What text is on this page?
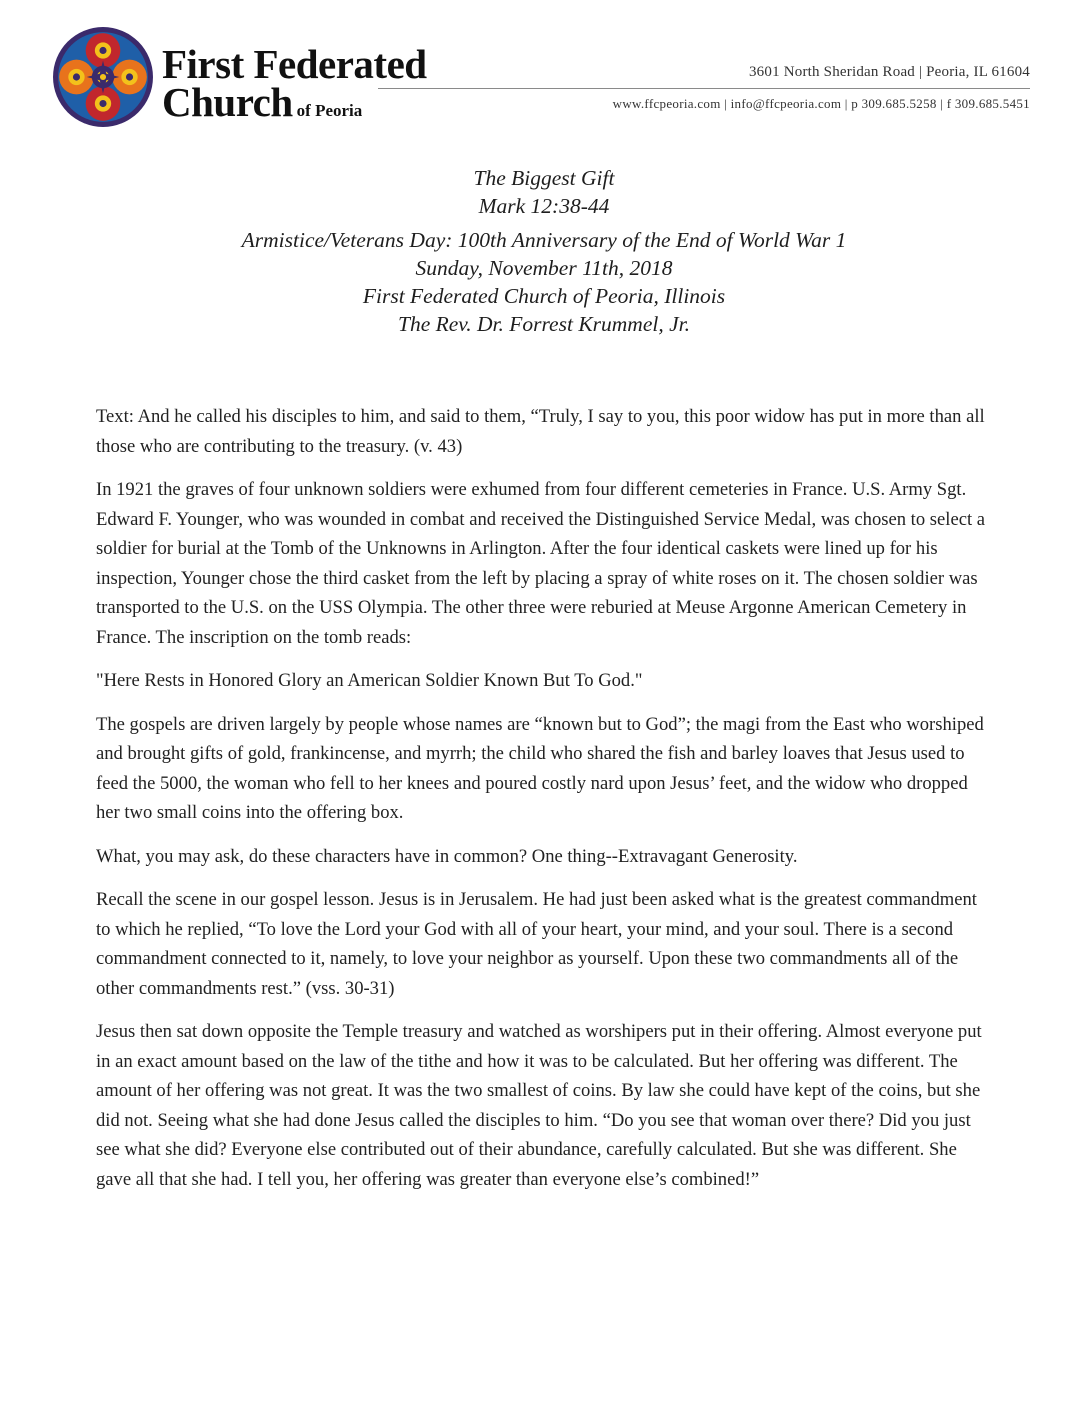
First Federated
Church of Peoria
3601 North Sheridan Road | Peoria, IL 61604
www.ffcpeoria.com | info@ffcpeoria.com | p 309.685.5258 | f 309.685.5451
The Biggest Gift
Mark 12:38-44
Armistice/Veterans Day: 100th Anniversary of the End of World War 1
Sunday, November 11th, 2018
First Federated Church of Peoria, Illinois
The Rev. Dr. Forrest Krummel, Jr.

Text: And he called his disciples to him, and said to them, “Truly, I say to you, this poor widow has put in more than all those who are contributing to the treasury. (v. 43)

In 1921 the graves of four unknown soldiers were exhumed from four different cemeteries in France. U.S. Army Sgt. Edward F. Younger, who was wounded in combat and received the Distinguished Service Medal, was chosen to select a soldier for burial at the Tomb of the Unknowns in Arlington. After the four identical caskets were lined up for his inspection, Younger chose the third casket from the left by placing a spray of white roses on it. The chosen soldier was transported to the U.S. on the USS Olympia. The other three were reburied at Meuse Argonne American Cemetery in France. The inscription on the tomb reads:

"Here Rests in Honored Glory an American Soldier Known But To God."

The gospels are driven largely by people whose names are “known but to God”; the magi from the East who worshiped and brought gifts of gold, frankincense, and myrrh; the child who shared the fish and barley loaves that Jesus used to feed the 5000, the woman who fell to her knees and poured costly nard upon Jesus’ feet, and the widow who dropped her two small coins into the offering box.

What, you may ask, do these characters have in common? One thing--Extravagant Generosity.

Recall the scene in our gospel lesson. Jesus is in Jerusalem. He had just been asked what is the greatest commandment to which he replied, “To love the Lord your God with all of your heart, your mind, and your soul. There is a second commandment connected to it, namely, to love your neighbor as yourself. Upon these two commandments all of the other commandments rest.” (vss. 30-31)

Jesus then sat down opposite the Temple treasury and watched as worshipers put in their offering. Almost everyone put in an exact amount based on the law of the tithe and how it was to be calculated. But her offering was different. The amount of her offering was not great. It was the two smallest of coins. By law she could have kept of the coins, but she did not. Seeing what she had done Jesus called the disciples to him. “Do you see that woman over there? Did you just see what she did? Everyone else contributed out of their abundance, carefully calculated. But she was different. She gave all that she had. I tell you, her offering was greater than everyone else’s combined!”
